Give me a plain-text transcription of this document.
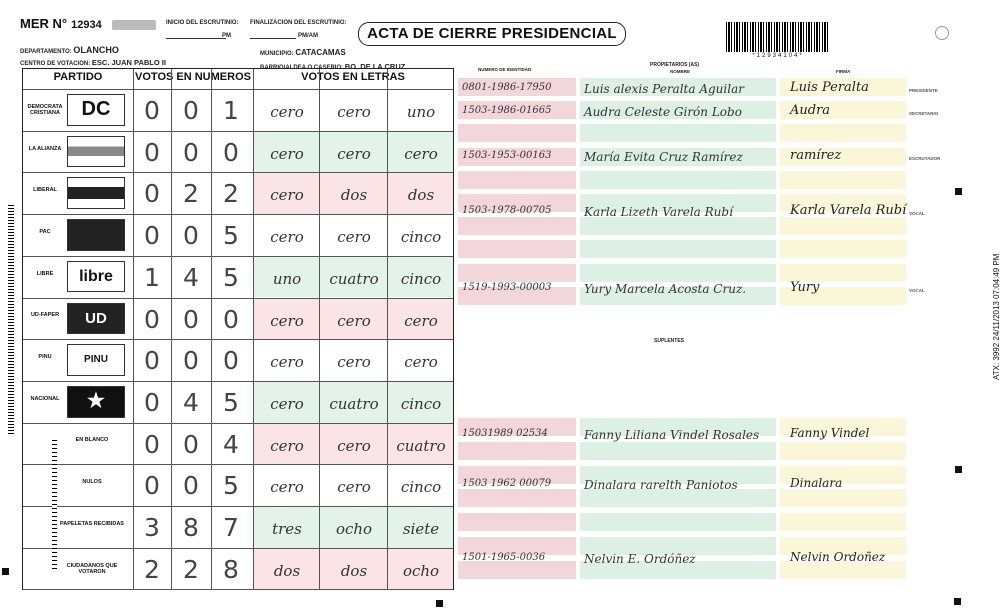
MER N° 12934	INICIO DEL ESCRUTINIO:
PM
FINALIZACION DEL ESCRUTINIO:
PM/AM	ACTA DE CIERRE PRESIDENCIAL
*12934104*
DEPARTAMENTO: OLANCHO	MUNICIPIO: CATACAMAS
CENTRO DE VOTACION: ESC. JUAN PABLO II
BARRIO/ALDEA O CASERIO: BO. DE LA CRUZ	NUMERO DE IDENTIDAD
PROPIETARIOS (AS)
NOMBRE	FIRMA
SUPLENTES
PARTIDO	VOTOS EN NUMEROS	VOTOS EN LETRAS
DEMOCRATA CRISTIANA	DC	0 0 1	cero	cero	uno
LA ALIANZA	0 0 0	cero	cero	cero
LIBERAL	0 2 2	cero	dos	dos
PAC	0 0 5	cero	cero	cinco
LIBRE	libre	1 4 5	uno	cuatro	cinco
UD-FAPER	UD	0 0 0	cero	cero	cero
PINU	PINU	0 0 0	cero	cero	cero
NACIONAL	★	0 4 5	cero	cuatro	cinco
EN BLANCO	0 0 4	cero	cero	cuatro
NULOS	0 0 5	cero	cero	cinco
PAPELETAS RECIBIDAS 3 8 7	tres	ocho	siete
CIUDADANOS QUE VOTARON	2 2 8	dos	dos	ocho
0801-1986-17950	Luis alexis Peralta Aguilar	Luis Peralta	PRESIDENTE
1503-1986-01665	Audra Celeste Girón Lobo	Audra	SECRETARIO
1503-1953-00163	María Evita Cruz Ramírez	ramírez	ESCRUTADOR
1503-1978-00705	Karla Lizeth Varela Rubí	Karla Varela Rubí VOCAL
1519-1993-00003	Yury Marcela Acosta Cruz.	Yury	VOCAL
15031989 02534	Fanny Liliana Vindel Rosales	Fanny Vindel
1503 1962 00079	Dinalara rarelth Paniotos	Dinalara
1501-1965-0036	Nelvin E. Ordóñez	Nelvin Ordoñez
ATX: 3992 24/11/2013 07:04:49 PM
